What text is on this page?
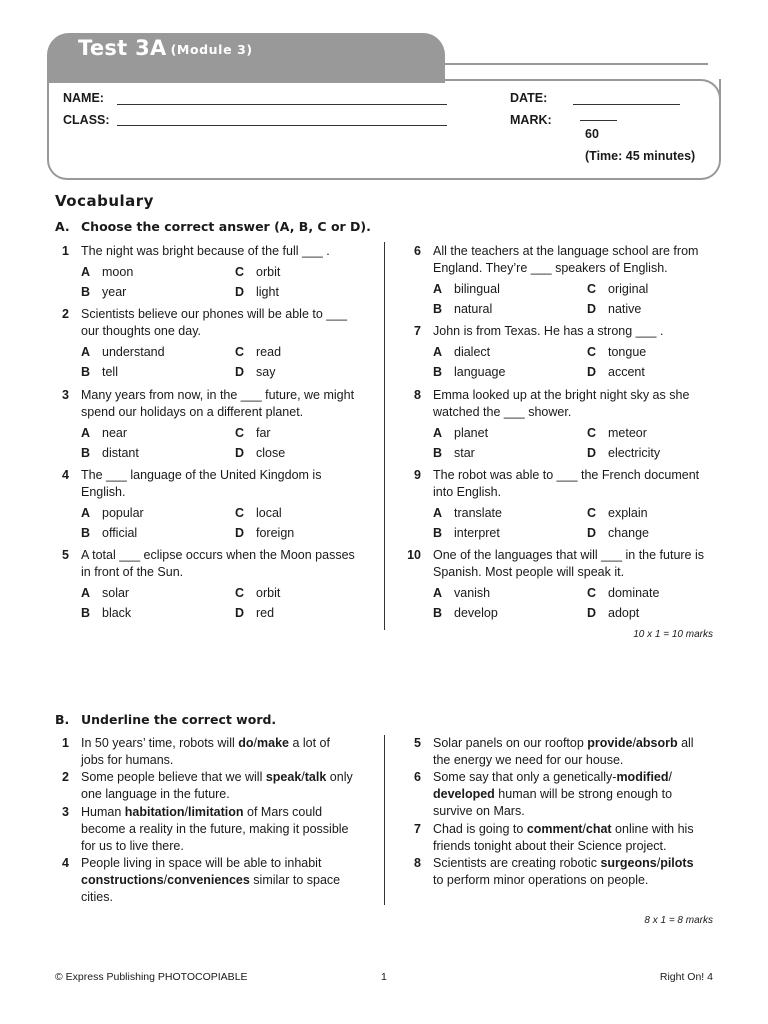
Test 3A (Module 3)
NAME:
CLASS:
DATE:
MARK:
60
(Time: 45 minutes)
Vocabulary
A. Choose the correct answer (A, B, C or D).
1 The night was bright because of the full ___ .
A moon	C orbit
B year	D light
2 Scientists believe our phones will be able to ___ our thoughts one day.
A understand	C read
B tell	D say
3 Many years from now, in the ___ future, we might spend our holidays on a different planet.
A near	C far
B distant	D close
4 The ___ language of the United Kingdom is English.
A popular	C local
B official	D foreign
5 A total ___ eclipse occurs when the Moon passes in front of the Sun.
A solar	C orbit
B black	D red
6 All the teachers at the language school are from England. They’re ___ speakers of English.
A bilingual	C original
B natural	D native
7 John is from Texas. He has a strong ___ .
A dialect	C tongue
B language	D accent
8 Emma looked up at the bright night sky as she watched the ___ shower.
A planet	C meteor
B star	D electricity
9 The robot was able to ___ the French document into English.
A translate	C explain
B interpret	D change
10 One of the languages that will ___ in the future is Spanish. Most people will speak it.
A vanish	C dominate
B develop	D adopt
10 x 1 = 10 marks
B. Underline the correct word.
1 In 50 years’ time, robots will do/make a lot of jobs for humans.
2 Some people believe that we will speak/talk only one language in the future.
3 Human habitation/limitation of Mars could become a reality in the future, making it possible for us to live there.
4 People living in space will be able to inhabit constructions/conveniences similar to space cities.
5 Solar panels on our rooftop provide/absorb all the energy we need for our house.
6 Some say that only a genetically-modified/ developed human will be strong enough to survive on Mars.
7 Chad is going to comment/chat online with his friends tonight about their Science project.
8 Scientists are creating robotic surgeons/pilots to perform minor operations on people.
8 x 1 = 8 marks
© Express Publishing PHOTOCOPIABLE	1	Right On! 4
